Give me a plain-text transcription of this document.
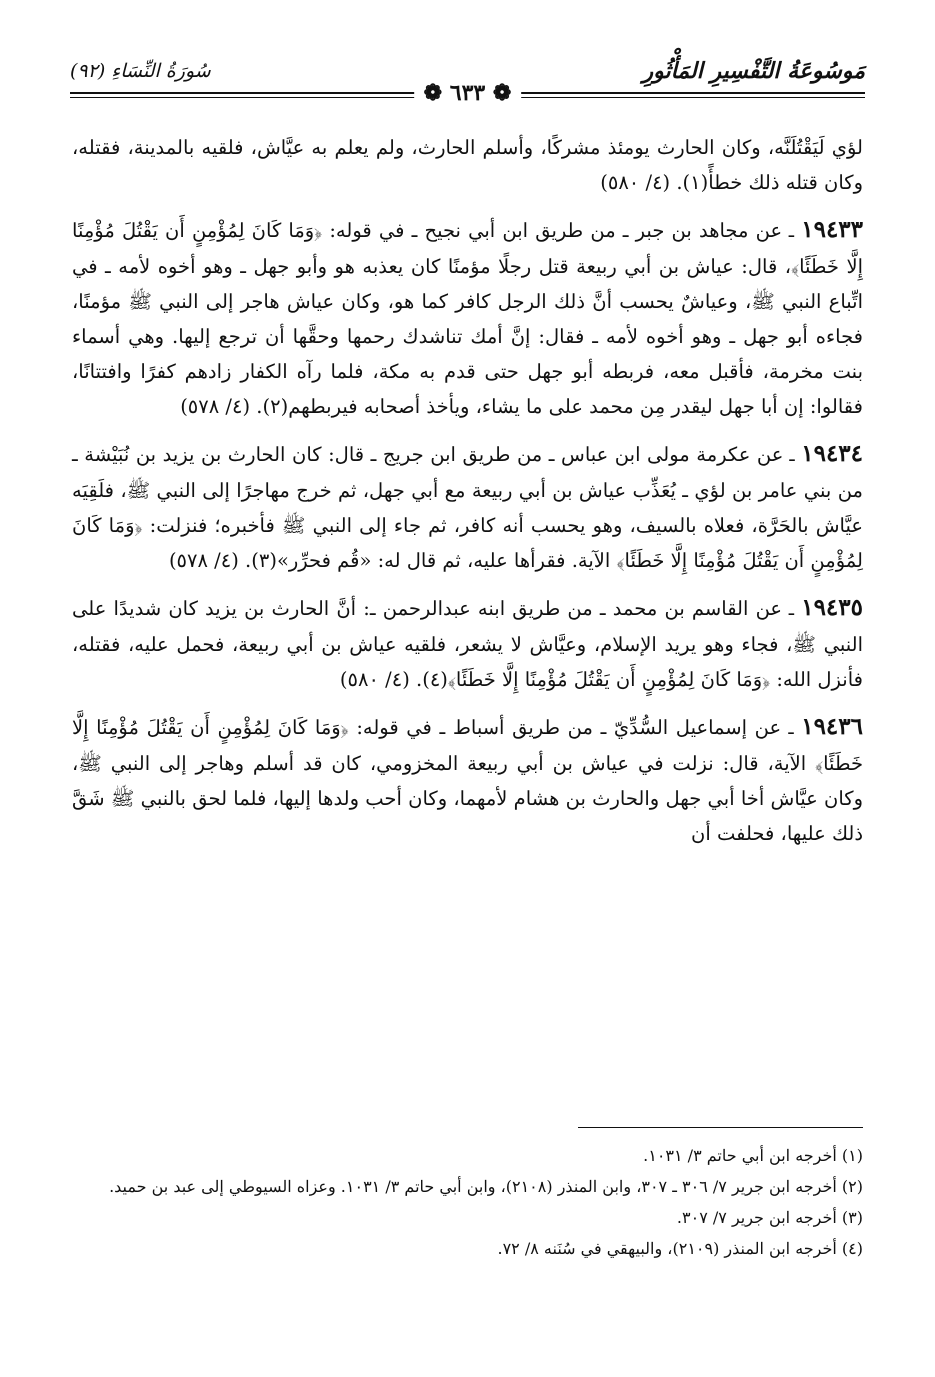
مَوسُوعَةُ التَّفْسِيرِ المَأْثُورِ
سُورَةُ النِّسَاءِ (٩٢)
❁ ٦٣٣ ❁

لؤي لَيَقْتُلَنَّه، وكان الحارث يومئذ مشركًا، وأسلم الحارث، ولم يعلم به عيَّاش، فلقيه بالمدينة، فقتله، وكان قتله ذلك خطأً(١). (٤/ ٥٨٠)

١٩٤٣٣ ـ عن مجاهد بن جبر ـ من طريق ابن أبي نجيح ـ في قوله: ﴿وَمَا كَانَ لِمُؤْمِنٍ أَن يَقْتُلَ مُؤْمِنًا إِلَّا خَطَئًا﴾، قال: عياش بن أبي ربيعة قتل رجلًا مؤمنًا كان يعذبه هو وأبو جهل ـ وهو أخوه لأمه ـ في اتِّباع النبي ﷺ، وعياشٌ يحسب أنَّ ذلك الرجل كافر كما هو، وكان عياش هاجر إلى النبي ﷺ مؤمنًا، فجاءه أبو جهل ـ وهو أخوه لأمه ـ فقال: إنَّ أمك تناشدك رحمها وحقَّها أن ترجع إليها. وهي أسماء بنت مخرمة، فأقبل معه، فربطه أبو جهل حتى قدم به مكة، فلما رآه الكفار زادهم كفرًا وافتتانًا، فقالوا: إن أبا جهل ليقدر مِن محمد على ما يشاء، ويأخذ أصحابه فيربطهم(٢). (٤/ ٥٧٨)

١٩٤٣٤ ـ عن عكرمة مولى ابن عباس ـ من طريق ابن جريج ـ قال: كان الحارث بن يزيد بن نُبَيْشة ـ من بني عامر بن لؤي ـ يُعَذِّب عياش بن أبي ربيعة مع أبي جهل، ثم خرج مهاجرًا إلى النبي ﷺ، فلَقِيَه عيَّاش بالحَرَّة، فعلاه بالسيف، وهو يحسب أنه كافر، ثم جاء إلى النبي ﷺ فأخبره؛ فنزلت: ﴿وَمَا كَانَ لِمُؤْمِنٍ أَن يَقْتُلَ مُؤْمِنًا إِلَّا خَطَئًا﴾ الآية. فقرأها عليه، ثم قال له: «قُم فحرِّر»(٣). (٤/ ٥٧٨)

١٩٤٣٥ ـ عن القاسم بن محمد ـ من طريق ابنه عبدالرحمن ـ: أنَّ الحارث بن يزيد كان شديدًا على النبي ﷺ، فجاء وهو يريد الإسلام، وعيَّاش لا يشعر، فلقيه عياش بن أبي ربيعة، فحمل عليه، فقتله، فأنزل الله: ﴿وَمَا كَانَ لِمُؤْمِنٍ أَن يَقْتُلَ مُؤْمِنًا إِلَّا خَطَئًا﴾(٤). (٤/ ٥٨٠)

١٩٤٣٦ ـ عن إسماعيل السُّدِّيّ ـ من طريق أسباط ـ في قوله: ﴿وَمَا كَانَ لِمُؤْمِنٍ أَن يَقْتُلَ مُؤْمِنًا إِلَّا خَطَئًا﴾ الآية، قال: نزلت في عياش بن أبي ربيعة المخزومي، كان قد أسلم وهاجر إلى النبي ﷺ، وكان عيَّاش أخا أبي جهل والحارث بن هشام لأمهما، وكان أحب ولدها إليها، فلما لحق بالنبي ﷺ شَقَّ ذلك عليها، فحلفت أن

(١) أخرجه ابن أبي حاتم ٣/ ١٠٣١.

(٢) أخرجه ابن جرير ٧/ ٣٠٦ ـ ٣٠٧، وابن المنذر (٢١٠٨)، وابن أبي حاتم ٣/ ١٠٣١. وعزاه السيوطي إلى عبد بن حميد.

(٣) أخرجه ابن جرير ٧/ ٣٠٧.

(٤) أخرجه ابن المنذر (٢١٠٩)، والبيهقي في سُنَنه ٨/ ٧٢.
